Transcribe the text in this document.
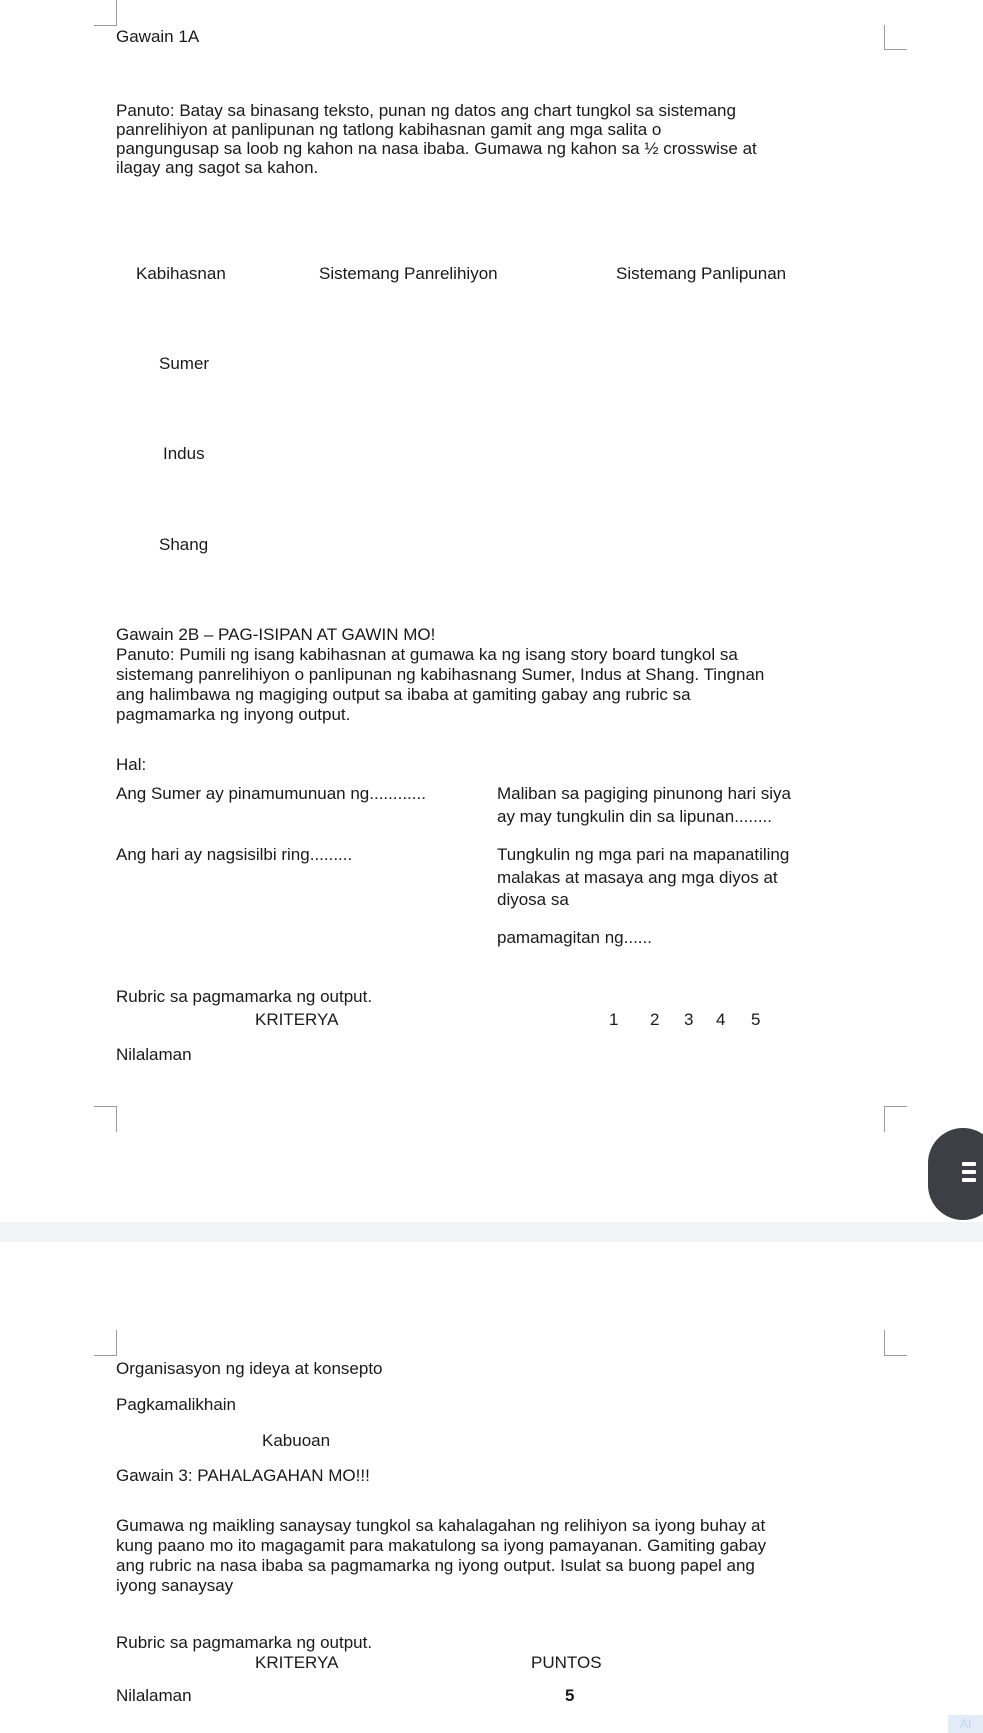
Gawain 1A
Panuto: Batay sa binasang teksto, punan ng datos ang chart tungkol sa sistemang
panrelihiyon at panlipunan ng tatlong kabihasnan gamit ang mga salita o
pangungusap sa loob ng kahon na nasa ibaba. Gumawa ng kahon sa ½ crosswise at
ilagay ang sagot sa kahon.
Kabihasnan	Sistemang Panrelihiyon	Sistemang Panlipunan
Sumer
Indus
Shang
Gawain 2B – PAG-ISIPAN AT GAWIN MO!
Panuto: Pumili ng isang kabihasnan at gumawa ka ng isang story board tungkol sa
sistemang panrelihiyon o panlipunan ng kabihasnang Sumer, Indus at Shang. Tingnan
ang halimbawa ng magiging output sa ibaba at gamiting gabay ang rubric sa
pagmamarka ng inyong output.
Hal:
Ang Sumer ay pinamumunuan ng............
Ang hari ay nagsisilbi ring.........
Maliban sa pagiging pinunong hari siya
ay may tungkulin din sa lipunan........
Tungkulin ng mga pari na mapanatiling
malakas at masaya ang mga diyos at
diyosa sa
pamamagitan ng......
Rubric sa pagmamarka ng output.
KRITERYA	1 2 3 4 5
Nilalaman
Organisasyon ng ideya at konsepto
Pagkamalikhain
Kabuoan
Gawain 3: PAHALAGAHAN MO!!!
Gumawa ng maikling sanaysay tungkol sa kahalagahan ng relihiyon sa iyong buhay at
kung paano mo ito magagamit para makatulong sa iyong pamayanan. Gamiting gabay
ang rubric na nasa ibaba sa pagmamarka ng iyong output. Isulat sa buong papel ang
iyong sanaysay
Rubric sa pagmamarka ng output.
KRITERYA	PUNTOS
Nilalaman	5
AI
